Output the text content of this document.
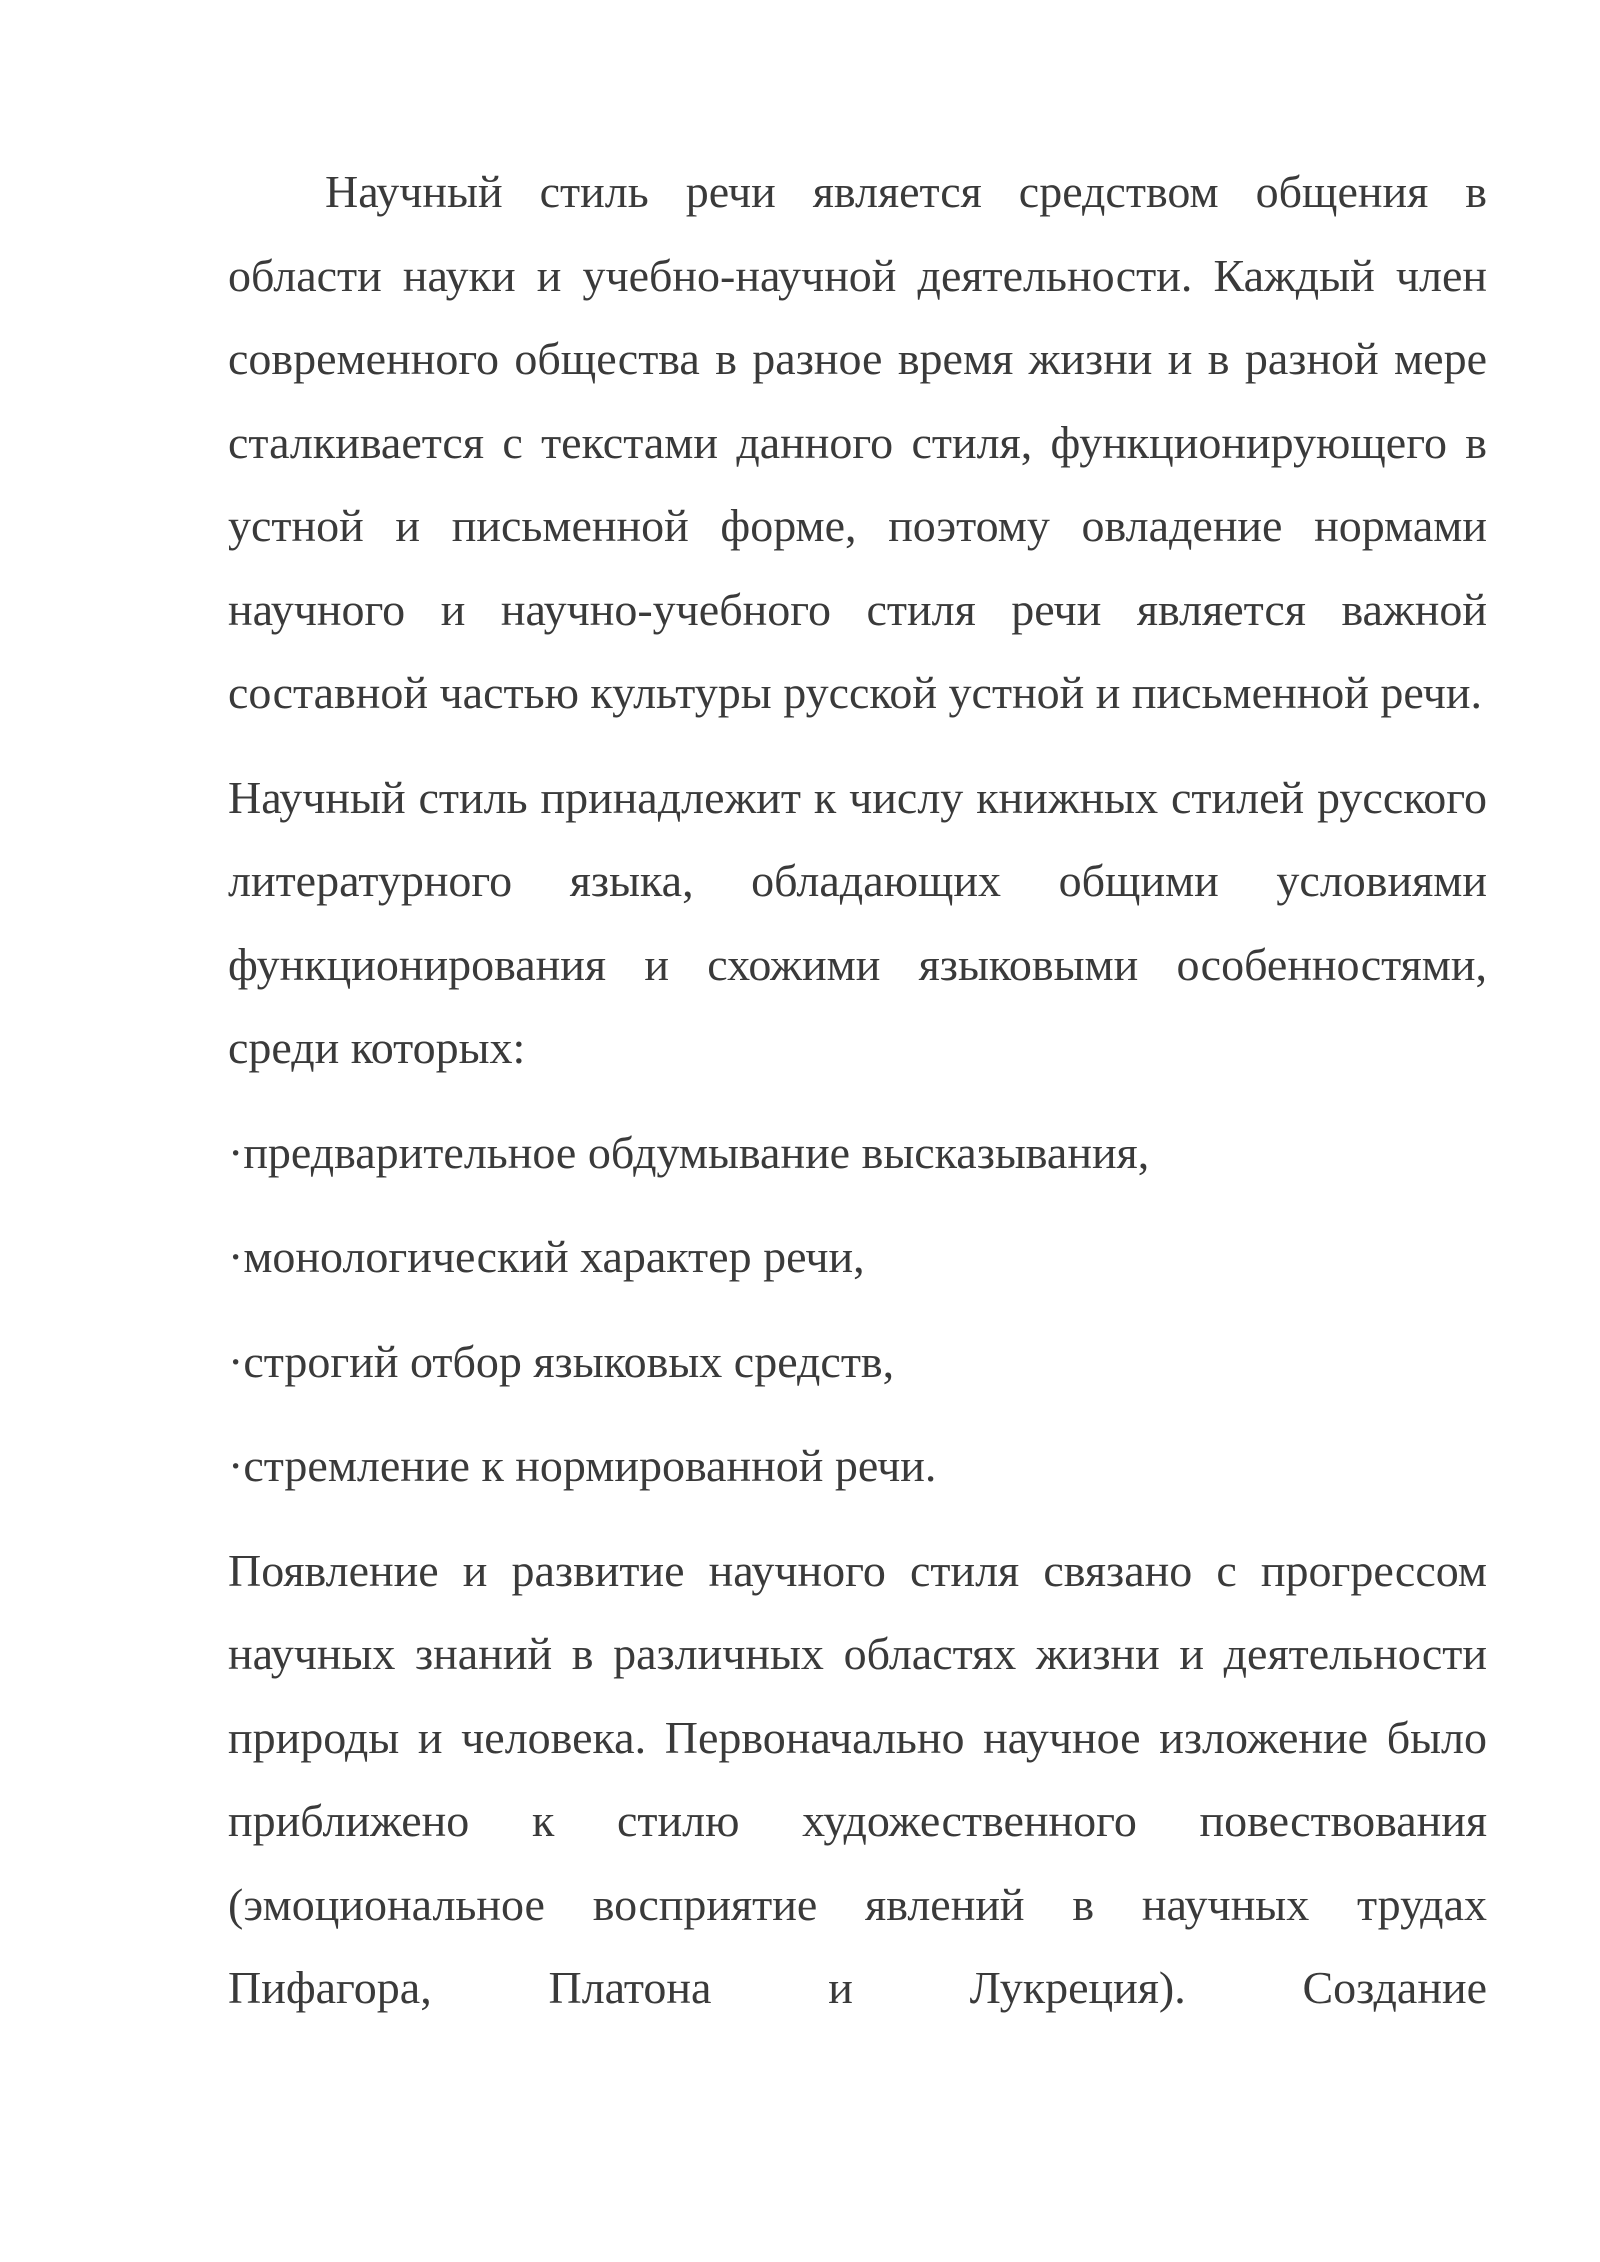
Научный стиль речи является средством общения в области науки и учебно-научной деятельности. Каждый член современного общества в разное время жизни и в разной мере сталкивается с текстами данного стиля, функционирующего в устной и письменной форме, поэтому овладение нормами научного и научно-учебного стиля речи является важной составной частью культуры русской устной и письменной речи.

Научный стиль принадлежит к числу книжных стилей русского литературного языка, обладающих общими условиями функционирования и схожими языковыми особенностями, среди которых:

·предварительное обдумывание высказывания,
·монологический характер речи,
·строгий отбор языковых средств,
·стремление к нормированной речи.

Появление и развитие научного стиля связано с прогрессом научных знаний в различных областях жизни и деятельности природы и человека. Первоначально научное изложение было приближено к стилю художественного повествования (эмоциональное восприятие явлений в научных трудах Пифагора, Платона и Лукреция). Создание
